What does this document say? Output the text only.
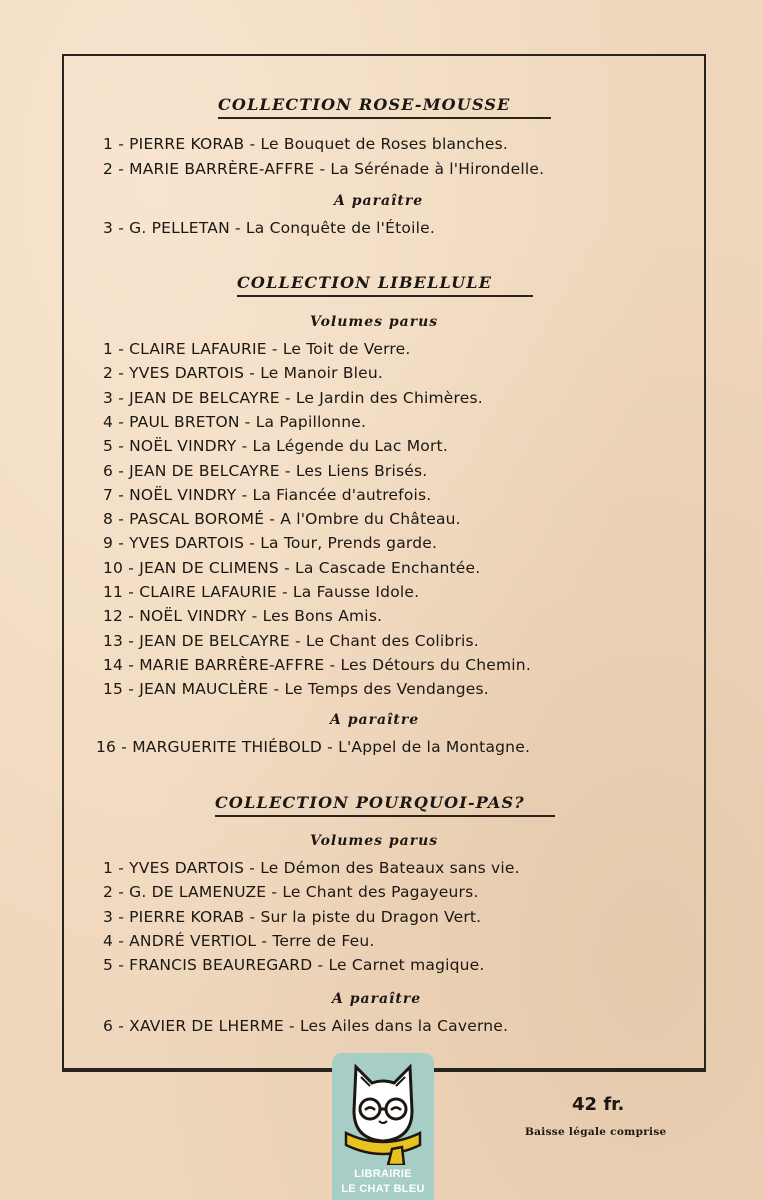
COLLECTION ROSE-MOUSSE
1 - PIERRE KORAB - Le Bouquet de Roses blanches.
2 - MARIE BARRÈRE-AFFRE - La Sérénade à l'Hirondelle.
A paraître
3 - G. PELLETAN - La Conquête de l'Étoile.
COLLECTION LIBELLULE
Volumes parus
1 - CLAIRE LAFAURIE - Le Toit de Verre.
2 - YVES DARTOIS - Le Manoir Bleu.
3 - JEAN DE BELCAYRE - Le Jardin des Chimères.
4 - PAUL BRETON - La Papillonne.
5 - NOËL VINDRY - La Légende du Lac Mort.
6 - JEAN DE BELCAYRE - Les Liens Brisés.
7 - NOËL VINDRY - La Fiancée d'autrefois.
8 - PASCAL BOROMÉ - A l'Ombre du Château.
9 - YVES DARTOIS - La Tour, Prends garde.
10 - JEAN DE CLIMENS - La Cascade Enchantée.
11 - CLAIRE LAFAURIE - La Fausse Idole.
12 - NOËL VINDRY - Les Bons Amis.
13 - JEAN DE BELCAYRE - Le Chant des Colibris.
14 - MARIE BARRÈRE-AFFRE - Les Détours du Chemin.
15 - JEAN MAUCLÈRE - Le Temps des Vendanges.
A paraître
16 - MARGUERITE THIÉBOLD - L'Appel de la Montagne.
COLLECTION POURQUOI-PAS?
Volumes parus
1 - YVES DARTOIS - Le Démon des Bateaux sans vie.
2 - G. DE LAMENUZE - Le Chant des Pagayeurs.
3 - PIERRE KORAB - Sur la piste du Dragon Vert.
4 - ANDRÉ VERTIOL - Terre de Feu.
5 - FRANCIS BEAUREGARD - Le Carnet magique.
A paraître
6 - XAVIER DE LHERME - Les Ailes dans la Caverne.
42 fr.
Baisse légale comprise
LIBRAIRIE
LE CHAT BLEU
